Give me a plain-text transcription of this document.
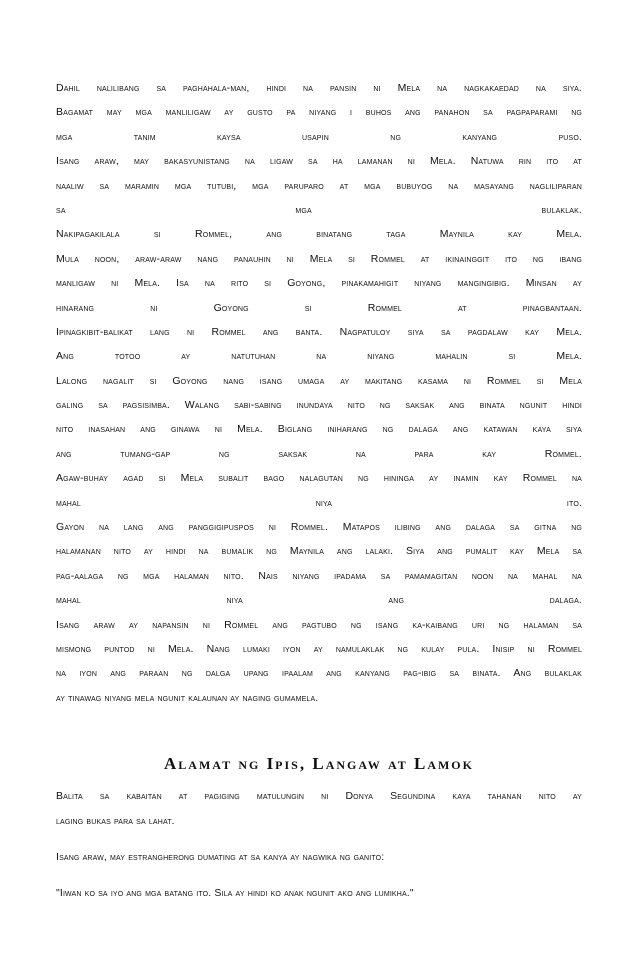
Dahil nalilibang sa paghahala-man, hindi na pansin ni Mela na nagkakaedad na siya.
Bagamat may mga manliligaw ay gusto pa niyang i buhos ang panahon sa pagpaparami ng
mga tanim kaysa usapin ng kanyang puso.
Isang araw, may bakasyunistang na ligaw sa ha lamanan ni Mela. Natuwa rin ito at
naaliw sa maramin mga tutubi, mga paruparo at mga bubuyog na masayang nagliliparan
sa mga bulaklak.
Nakipagakilala si Rommel, ang binatang taga Maynila kay Mela.
Mula noon, araw-araw nang panauhin ni Mela si Rommel at ikinainggit ito ng ibang
manligaw ni Mela. Isa na rito si Goyong, pinakamahigit niyang mangingibig. Minsan ay
hinarang ni Goyong si Rommel at pinagbantaan.
Ipinagkibit-balikat lang ni Rommel ang banta. Nagpatuloy siya sa pagdalaw kay Mela.
Ang totoo ay natutuhan na niyang mahalin si Mela.
Lalong nagalit si Goyong nang isang umaga ay makitang kasama ni Rommel si Mela
galing sa pagsisimba. Walang sabi-sabing inundaya nito ng saksak ang binata ngunit hindi
nito inasahan ang ginawa ni Mela. Biglang iniharang ng dalaga ang katawan kaya siya
ang tumang-gap ng saksak na para kay Rommel.
Agaw-buhay agad si Mela subalit bago nalagutan ng hininga ay inamin kay Rommel na
mahal niya ito.
Gayon na lang ang panggigipuspos ni Rommel. Matapos ilibing ang dalaga sa gitna ng
halamanan nito ay hindi na bumalik ng Maynila ang lalaki. Siya ang pumalit kay Mela sa
pag-aalaga ng mga halaman nito. Nais niyang ipadama sa pamamagitan noon na mahal na
mahal niya ang dalaga.
Isang araw ay napansin ni Rommel ang pagtubo ng isang ka-kaibang uri ng halaman sa
mismong puntod ni Mela. Nang lumaki iyon ay namulaklak ng kulay pula. Inisip ni Rommel
na iyon ang paraan ng dalga upang ipaalam ang kanyang pag-ibig sa binata. Ang bulaklak
ay tinawag niyang mela ngunit kalaunan ay naging gumamela.
Alamat ng Ipis, Langaw at Lamok
Balita sa kabaitan at pagiging matulungin ni Donya Segundina kaya tahanan nito ay
laging bukas para sa lahat.
Isang araw, may estrangherong dumating at sa kanya ay nagwika ng ganito:
"Iiwan ko sa iyo ang mga batang ito. Sila ay hindi ko anak ngunit ako ang lumikha."
